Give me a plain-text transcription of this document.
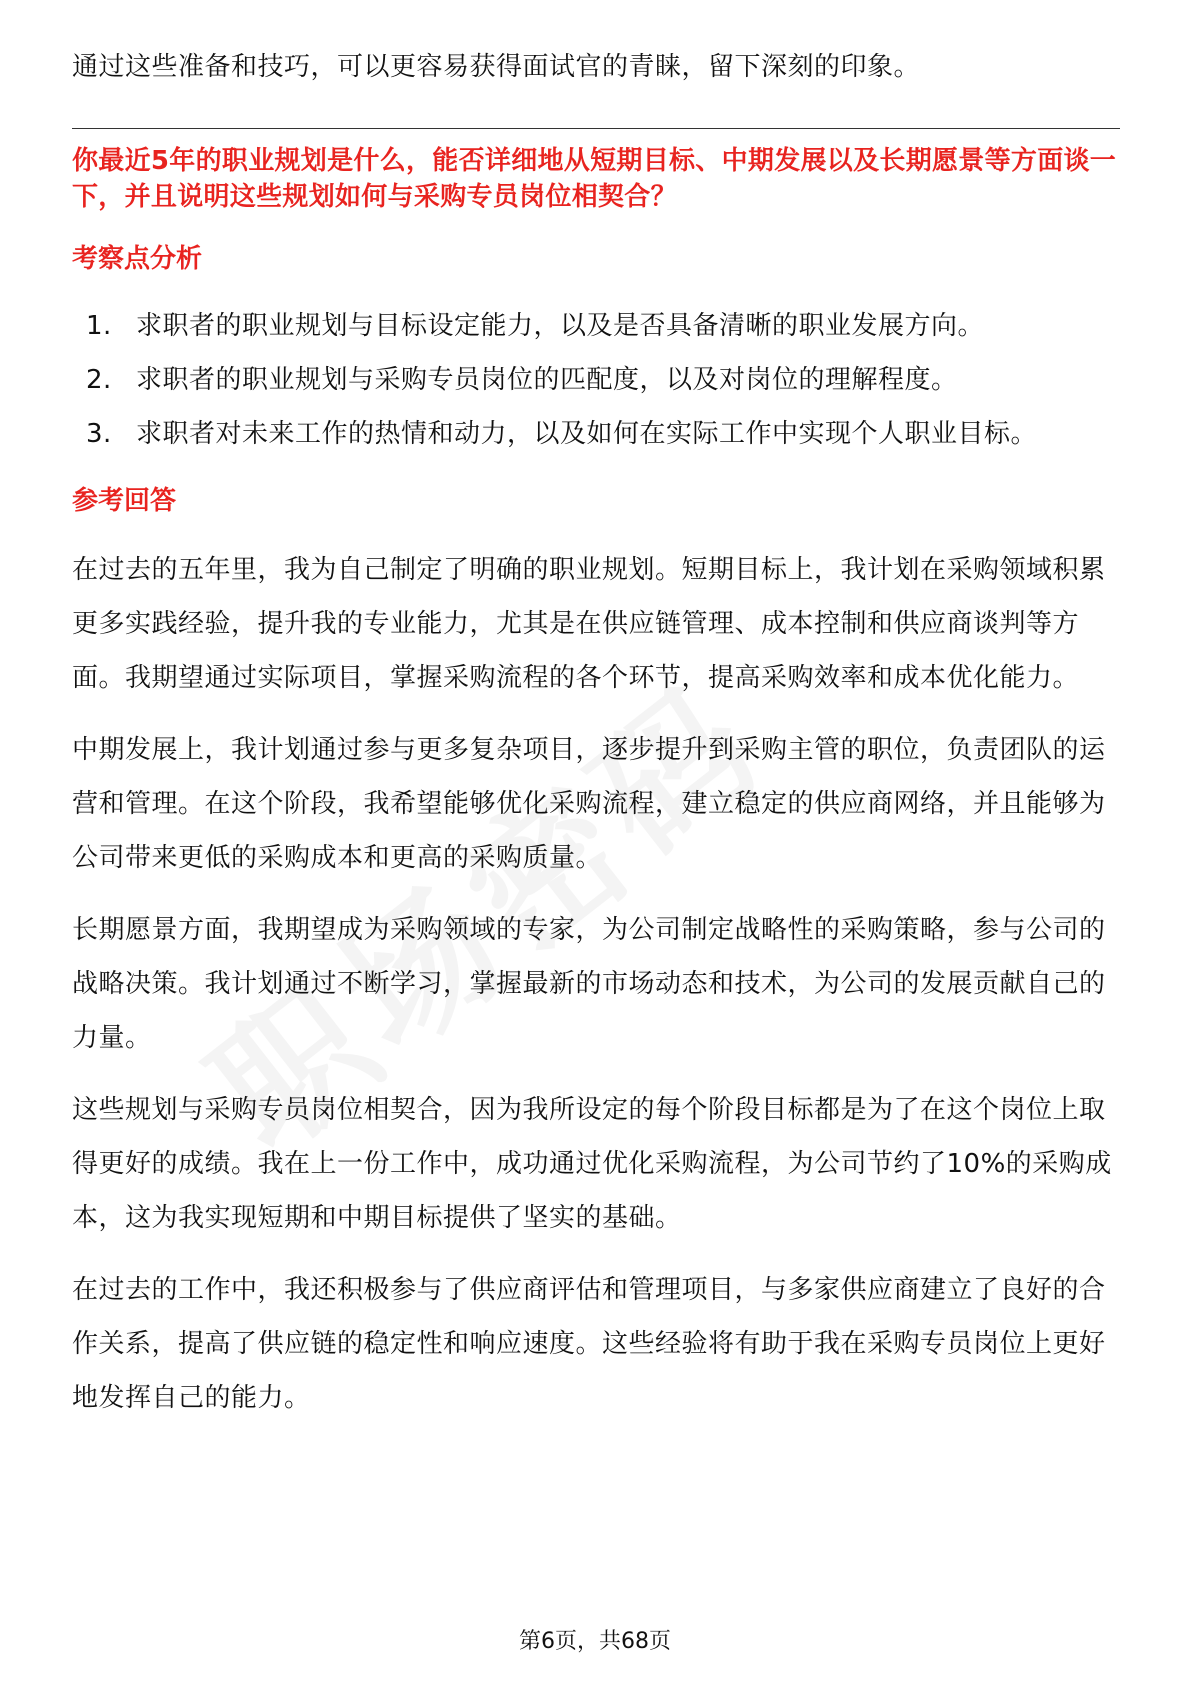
通过这些准备和技巧，可以更容易获得面试官的青睐，留下深刻的印象。

你最近5年的职业规划是什么，能否详细地从短期目标、中期发展以及长期愿景等方面谈一下，并且说明这些规划如何与采购专员岗位相契合？

考察点分析
1. 求职者的职业规划与目标设定能力，以及是否具备清晰的职业发展方向。
2. 求职者的职业规划与采购专员岗位的匹配度，以及对岗位的理解程度。
3. 求职者对未来工作的热情和动力，以及如何在实际工作中实现个人职业目标。
参考回答

在过去的五年里，我为自己制定了明确的职业规划。短期目标上，我计划在采购领域积累更多实践经验，提升我的专业能力，尤其是在供应链管理、成本控制和供应商谈判等方面。我期望通过实际项目，掌握采购流程的各个环节，提高采购效率和成本优化能力。

中期发展上，我计划通过参与更多复杂项目，逐步提升到采购主管的职位，负责团队的运营和管理。在这个阶段，我希望能够优化采购流程，建立稳定的供应商网络，并且能够为公司带来更低的采购成本和更高的采购质量。

长期愿景方面，我期望成为采购领域的专家，为公司制定战略性的采购策略，参与公司的战略决策。我计划通过不断学习，掌握最新的市场动态和技术，为公司的发展贡献自己的力量。

这些规划与采购专员岗位相契合，因为我所设定的每个阶段目标都是为了在这个岗位上取得更好的成绩。我在上一份工作中，成功通过优化采购流程，为公司节约了10%的采购成本，这为我实现短期和中期目标提供了坚实的基础。

在过去的工作中，我还积极参与了供应商评估和管理项目，与多家供应商建立了良好的合作关系，提高了供应链的稳定性和响应速度。这些经验将有助于我在采购专员岗位上更好地发挥自己的能力。

第6页，共68页
